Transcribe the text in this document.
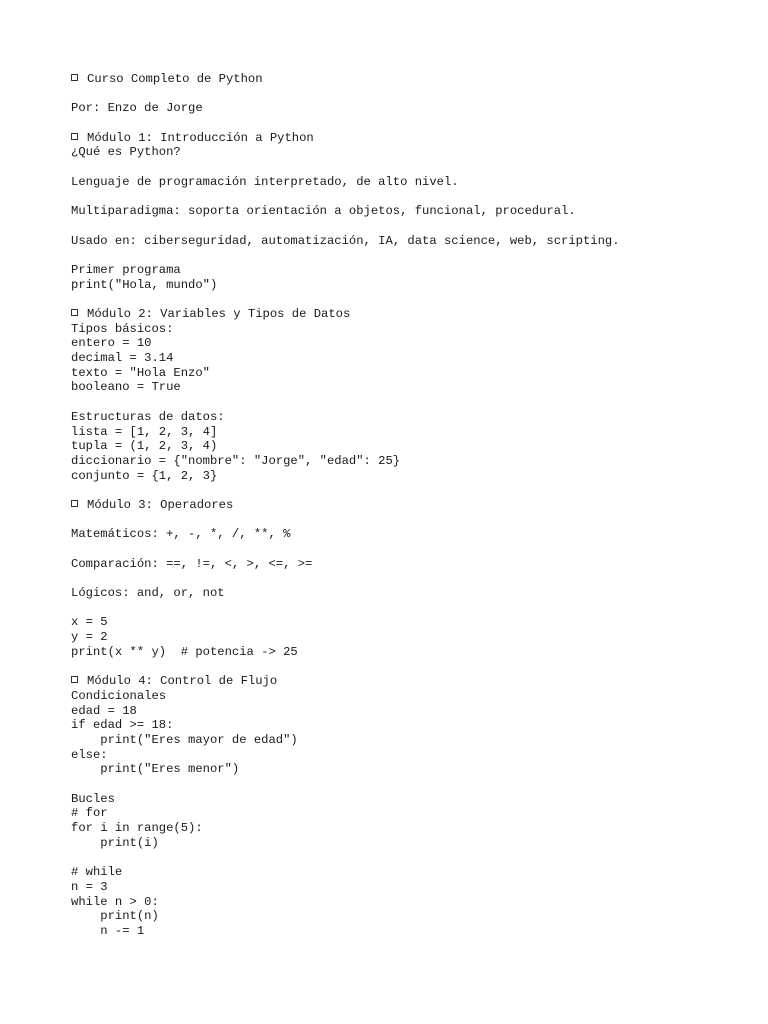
Curso Completo de Python
Por: Enzo de Jorge
Módulo 1: Introducción a Python
¿Qué es Python?
Lenguaje de programación interpretado, de alto nivel.
Multiparadigma: soporta orientación a objetos, funcional, procedural.
Usado en: ciberseguridad, automatización, IA, data science, web, scripting.
Primer programa
print("Hola, mundo")
Módulo 2: Variables y Tipos de Datos
Tipos básicos:
entero = 10
decimal = 3.14
texto = "Hola Enzo"
booleano = True
Estructuras de datos:
lista = [1, 2, 3, 4]
tupla = (1, 2, 3, 4)
diccionario = {"nombre": "Jorge", "edad": 25}
conjunto = {1, 2, 3}
Módulo 3: Operadores
Matemáticos: +, -, *, /, **, %
Comparación: ==, !=, <, >, <=, >=
Lógicos: and, or, not
x = 5
y = 2
print(x ** y)  # potencia -> 25
Módulo 4: Control de Flujo
Condicionales
edad = 18
if edad >= 18:
print("Eres mayor de edad")
else:
print("Eres menor")
Bucles
# for
for i in range(5):
print(i)
# while
n = 3
while n > 0:
print(n)
n -= 1
